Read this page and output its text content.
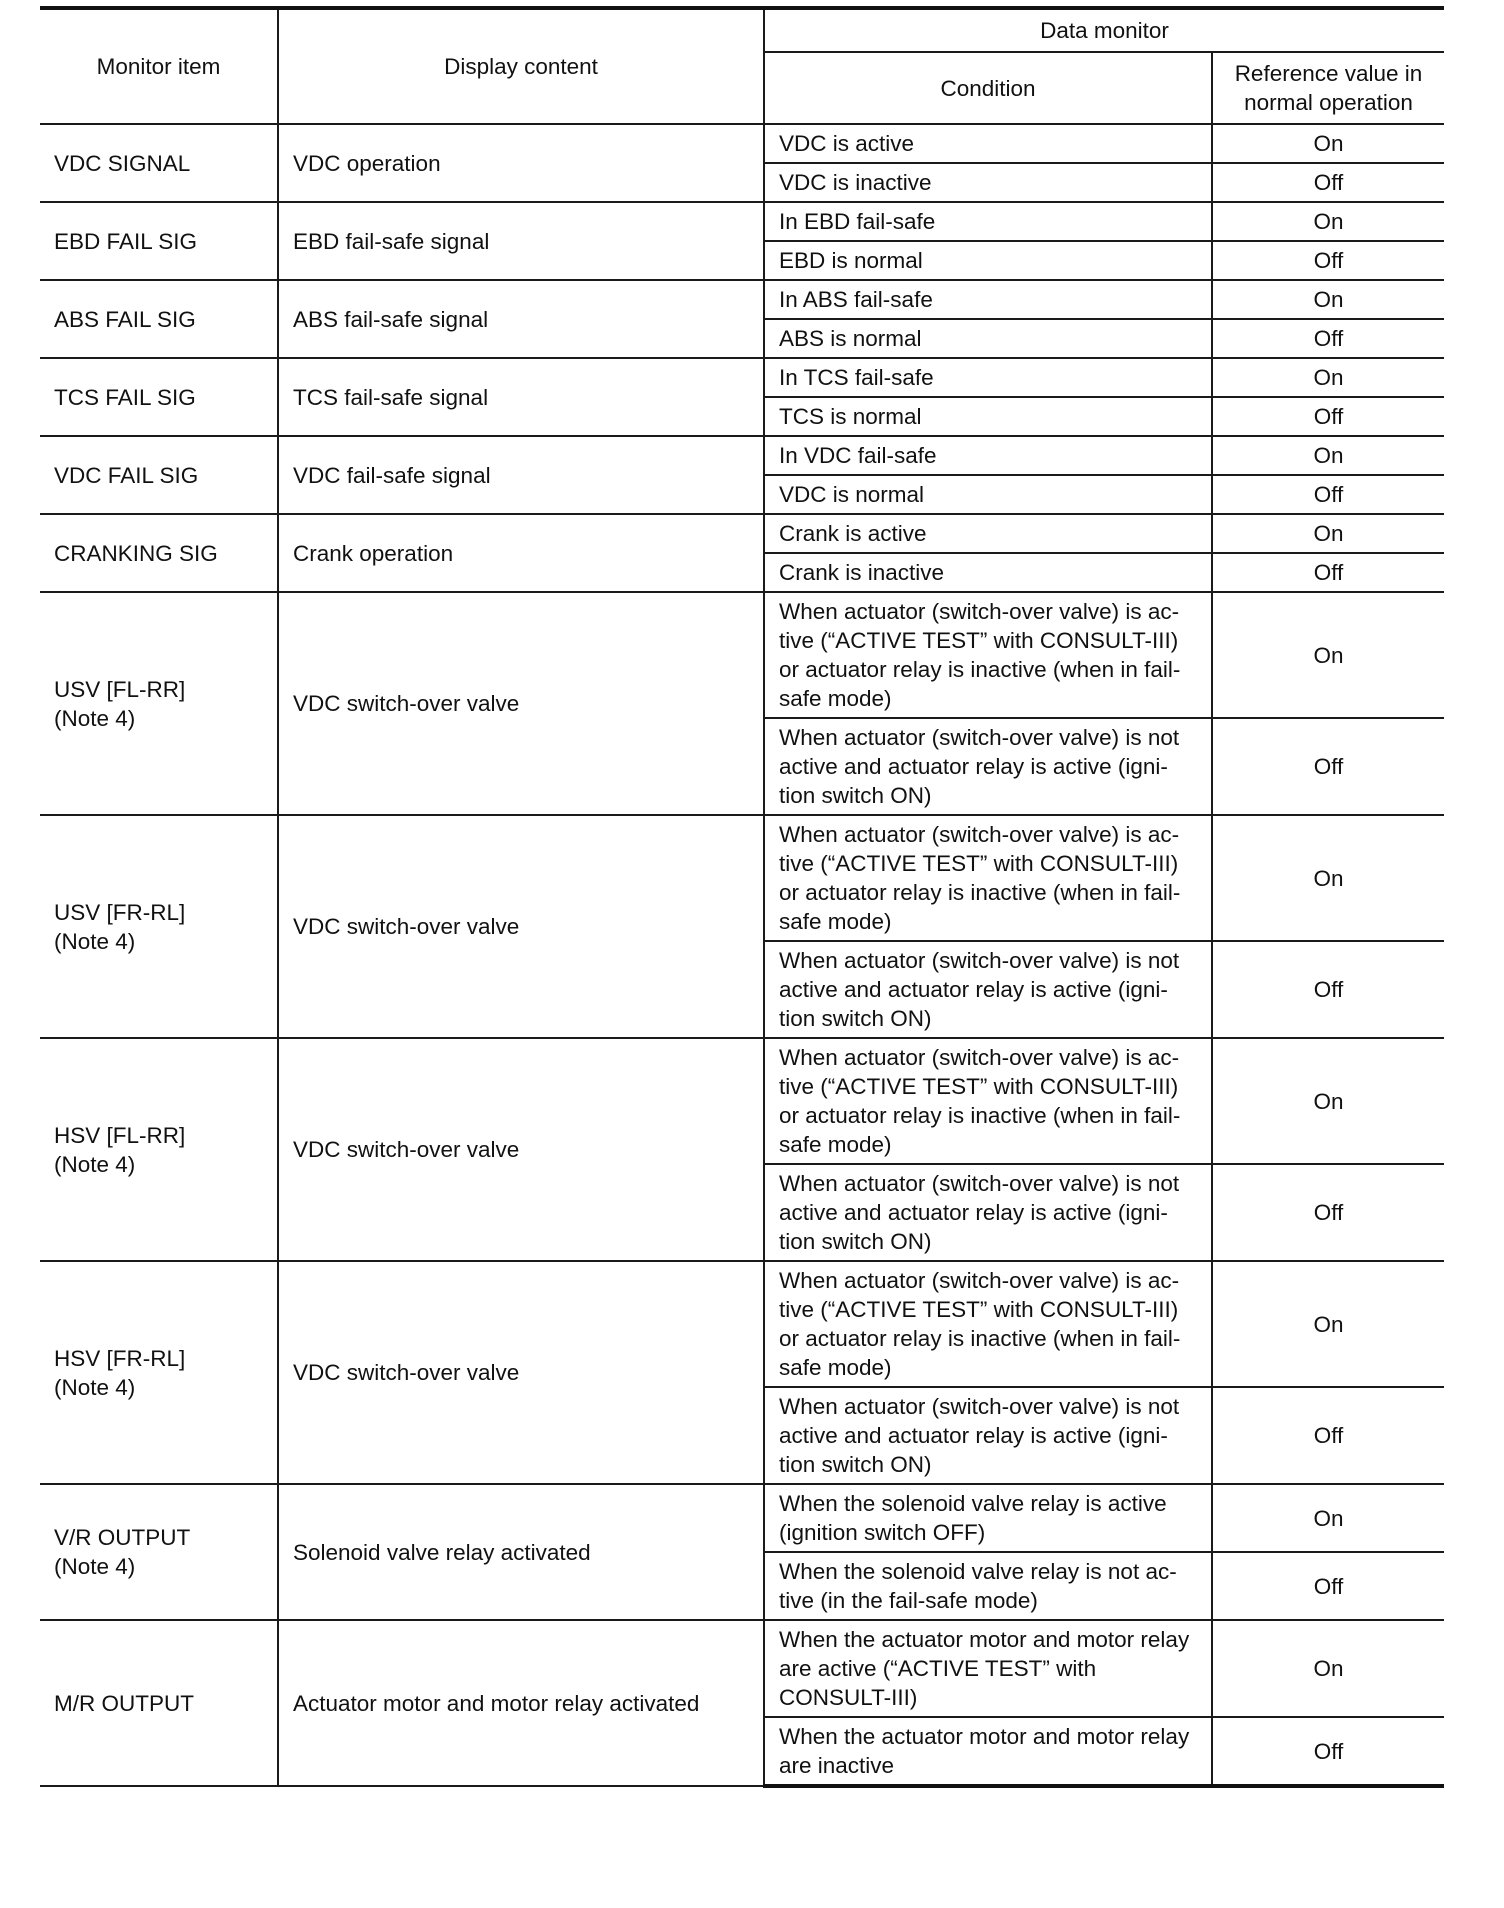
Monitor item	Display content	Data monitor	
		Condition	Reference value in normal operation

VDC SIGNAL	VDC operation	VDC is active	On
		VDC is inactive	Off

EBD FAIL SIG	EBD fail-safe signal	In EBD fail-safe	On
		EBD is normal	Off

ABS FAIL SIG	ABS fail-safe signal	In ABS fail-safe	On
		ABS is normal	Off

TCS FAIL SIG	TCS fail-safe signal	In TCS fail-safe	On
		TCS is normal	Off

VDC FAIL SIG	VDC fail-safe signal	In VDC fail-safe	On
		VDC is normal	Off

CRANKING SIG	Crank operation	Crank is active	On
		Crank is inactive	Off

USV [FL-RR]
(Note 4)	VDC switch-over valve	When actuator (switch-over valve) is ac-tive (“ACTIVE TEST” with CONSULT-III) or actuator relay is inactive (when in fail-safe mode)	On
		When actuator (switch-over valve) is not active and actuator relay is active (igni-tion switch ON)	Off

USV [FR-RL]
(Note 4)	VDC switch-over valve	When actuator (switch-over valve) is ac-tive (“ACTIVE TEST” with CONSULT-III) or actuator relay is inactive (when in fail-safe mode)	On
		When actuator (switch-over valve) is not active and actuator relay is active (igni-tion switch ON)	Off

HSV [FL-RR]
(Note 4)	VDC switch-over valve	When actuator (switch-over valve) is ac-tive (“ACTIVE TEST” with CONSULT-III) or actuator relay is inactive (when in fail-safe mode)	On
		When actuator (switch-over valve) is not active and actuator relay is active (igni-tion switch ON)	Off

HSV [FR-RL]
(Note 4)	VDC switch-over valve	When actuator (switch-over valve) is ac-tive (“ACTIVE TEST” with CONSULT-III) or actuator relay is inactive (when in fail-safe mode)	On
		When actuator (switch-over valve) is not active and actuator relay is active (igni-tion switch ON)	Off

V/R OUTPUT
(Note 4)	Solenoid valve relay activated	When the solenoid valve relay is active (ignition switch OFF)	On
		When the solenoid valve relay is not ac-tive (in the fail-safe mode)	Off

M/R OUTPUT	Actuator motor and motor relay activated	When the actuator motor and motor relay are active (“ACTIVE TEST” with CONSULT-III)	On
		When the actuator motor and motor relay are inactive	Off
